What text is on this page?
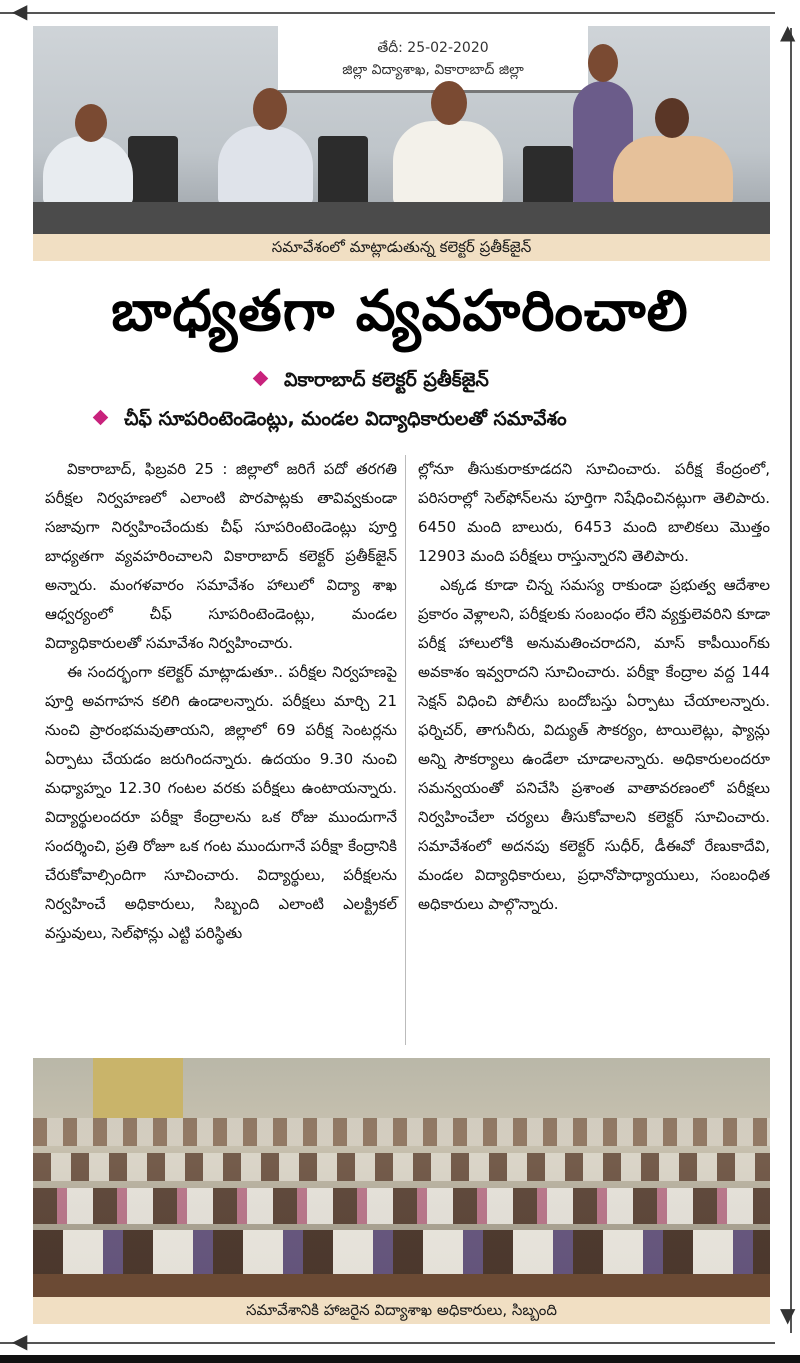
◀
▲
▼
తేదీ: 25-02-2020
జిల్లా విద్యాశాఖ, వికారాబాద్ జిల్లా
సమావేశంలో మాట్లాడుతున్న కలెక్టర్ ప్రతీక్‌జైన్
బాధ్యతగా వ్యవహరించాలి
వికారాబాద్ కలెక్టర్ ప్రతీక్‌జైన్
చీఫ్ సూపరింటెండెంట్లు, మండల విద్యాధికారులతో సమావేశం

వికారాబాద్, ఫిబ్రవరి 25 : జిల్లాలో జరిగే పదో తరగతి పరీక్షల నిర్వహణలో ఎలాంటి పొరపాట్లకు తావివ్వకుండా సజావుగా నిర్వహించేందుకు చీఫ్ సూపరింటెండెంట్లు పూర్తి బాధ్యతగా వ్యవహరించాలని వికారాబాద్ కలెక్టర్ ప్రతీక్‌జైన్ అన్నారు. మంగళవారం సమావేశం హాలులో విద్యా శాఖ ఆధ్వర్యంలో చీఫ్ సూపరింటెండెంట్లు, మండల విద్యాధికారులతో సమావేశం నిర్వహించారు.

ఈ సందర్భంగా కలెక్టర్ మాట్లాడుతూ.. పరీక్షల నిర్వహణపై పూర్తి అవగాహన కలిగి ఉండాలన్నారు. పరీక్షలు మార్చి 21 నుంచి ప్రారంభమవుతాయని, జిల్లాలో 69 పరీక్ష సెంటర్లను ఏర్పాటు చేయడం జరుగిందన్నారు. ఉదయం 9.30 నుంచి మధ్యాహ్నం 12.30 గంటల వరకు పరీక్షలు ఉంటాయన్నారు. విద్యార్థులందరూ పరీక్షా కేంద్రాలను ఒక రోజు ముందుగానే సందర్శించి, ప్రతి రోజూ ఒక గంట ముందుగానే పరీక్షా కేంద్రానికి చేరుకోవాల్సిందిగా సూచించారు. విద్యార్థులు, పరీక్షలను నిర్వహించే అధికారులు, సిబ్బంది ఎలాంటి ఎలక్ట్రికల్ వస్తువులు, సెల్‌ఫోన్లు ఎట్టి పరిస్థితు

ల్లోనూ తీసుకురాకూడదని సూచించారు. పరీక్ష కేంద్రంలో, పరిసరాల్లో సెల్‌ఫోన్‌లను పూర్తిగా నిషేధించినట్లుగా తెలిపారు. 6450 మంది బాలురు, 6453 మంది బాలికలు మొత్తం 12903 మంది పరీక్షలు రాస్తున్నారని తెలిపారు.

ఎక్కడ కూడా చిన్న సమస్య రాకుండా ప్రభుత్వ ఆదేశాల ప్రకారం వెళ్లాలని, పరీక్షలకు సంబంధం లేని వ్యక్తులెవరిని కూడా పరీక్ష హాలులోకి అనుమతించరాదని, మాస్ కాపీయింగ్‌కు అవకాశం ఇవ్వరాదని సూచించారు. పరీక్షా కేంద్రాల వద్ద 144 సెక్షన్ విధించి పోలీసు బందోబస్తు ఏర్పాటు చేయాలన్నారు. ఫర్నిచర్, తాగునీరు, విద్యుత్ సౌకర్యం, టాయిలెట్లు, ఫ్యాన్లు అన్ని సౌకర్యాలు ఉండేలా చూడాలన్నారు. అధికారులందరూ సమన్వయంతో పనిచేసి ప్రశాంత వాతావరణంలో పరీక్షలు నిర్వహించేలా చర్యలు తీసుకోవాలని కలెక్టర్ సూచించారు. సమావేశంలో అదనపు కలెక్టర్ సుధీర్, డీఈవో రేణుకాదేవి, మండల విద్యాధికారులు, ప్రధానోపాధ్యాయులు, సంబంధిత అధికారులు పాల్గొన్నారు.

సమావేశానికి హాజరైన విద్యాశాఖ అధికారులు, సిబ్బంది
◀
